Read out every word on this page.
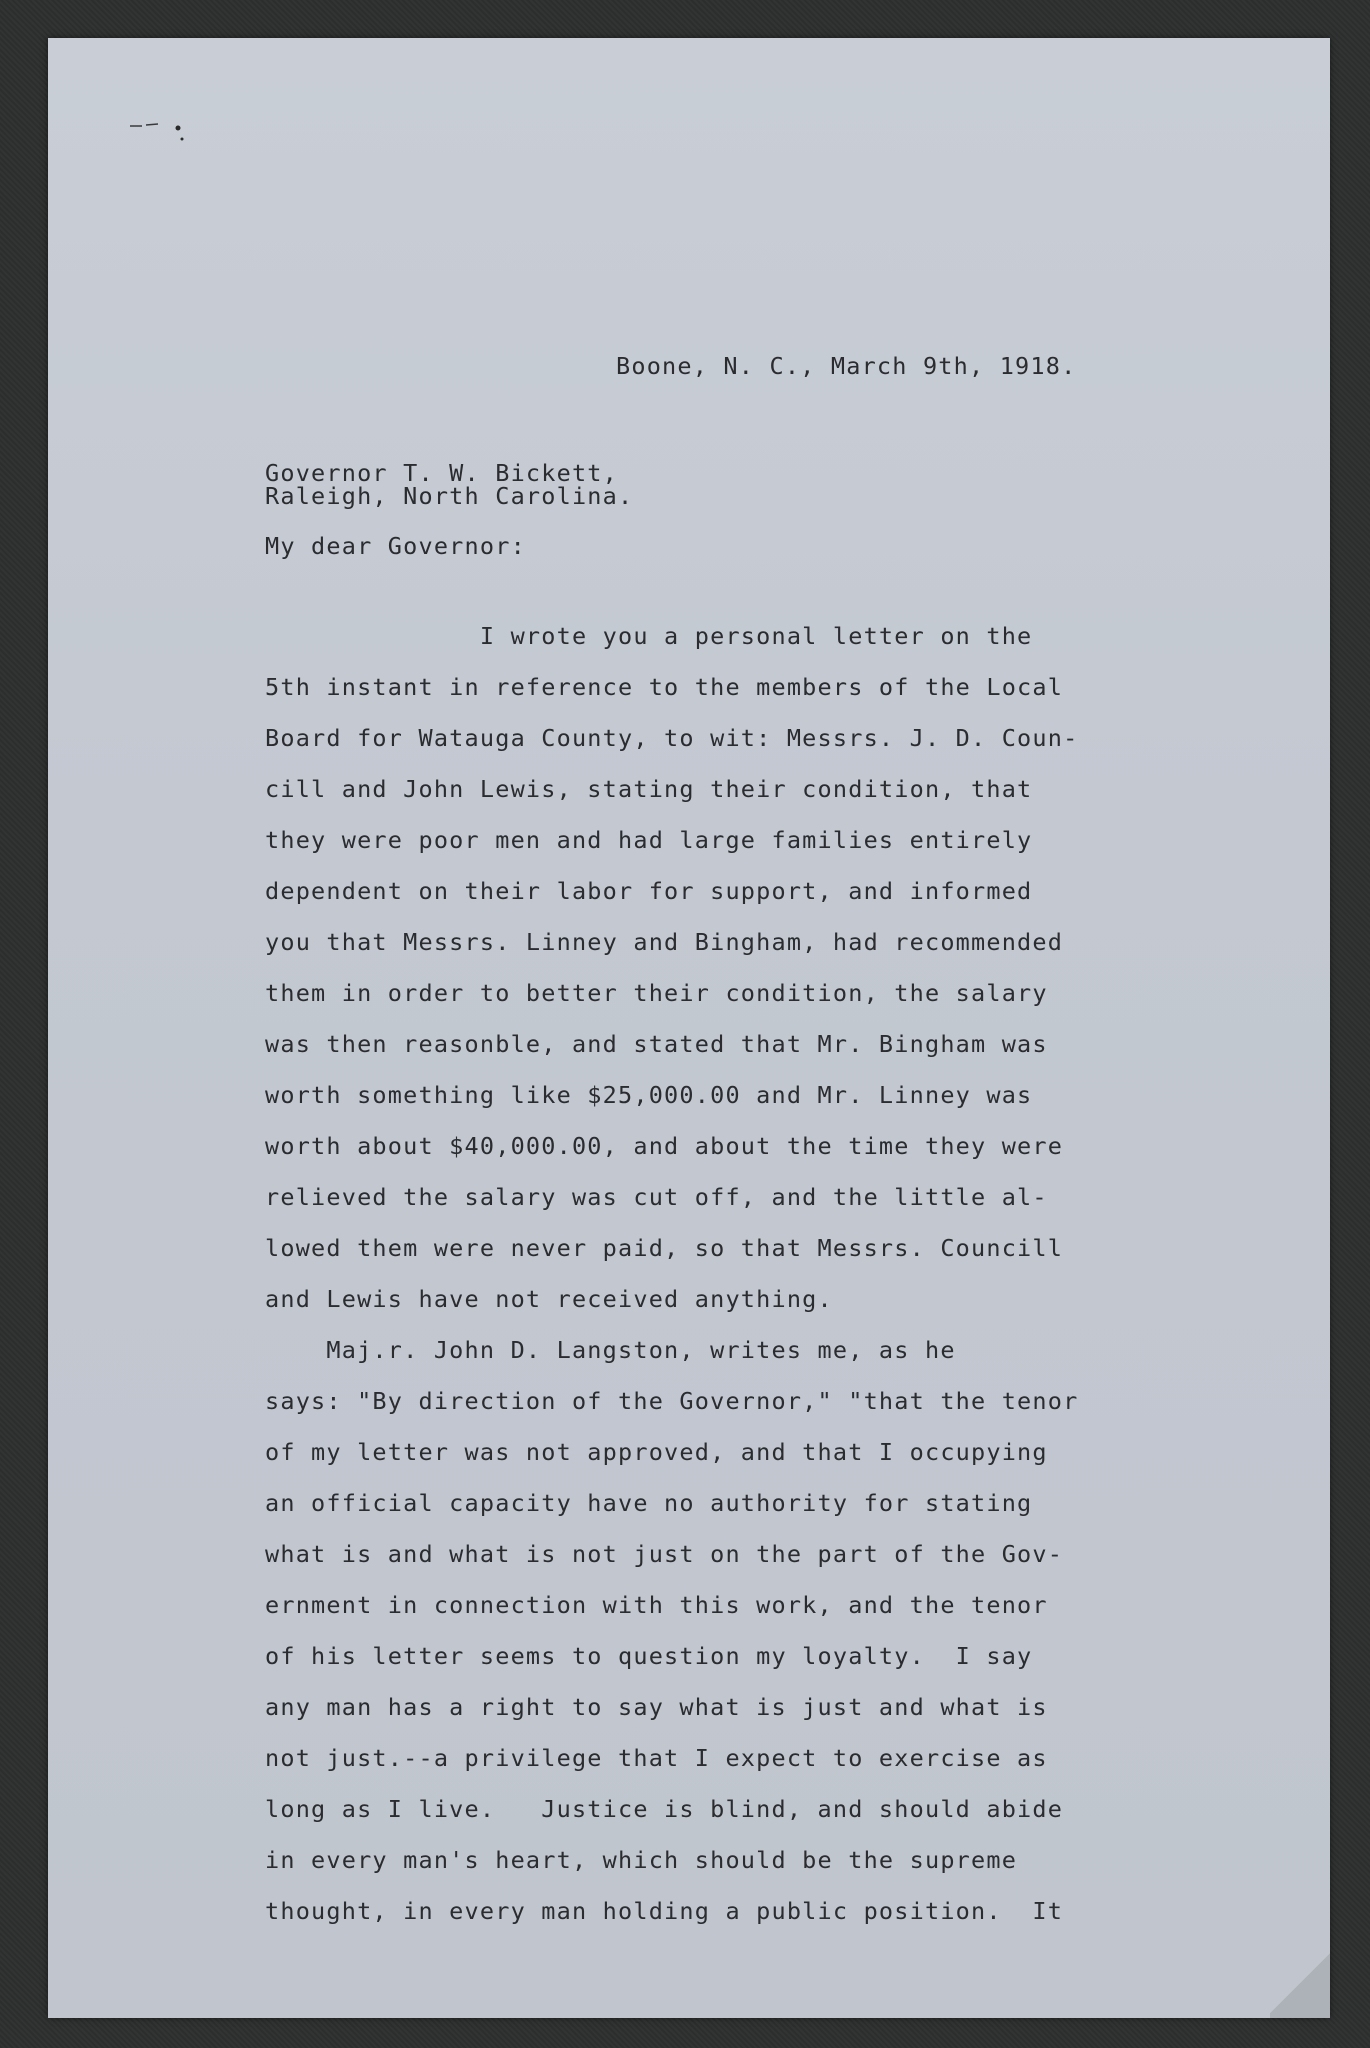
Boone, N. C., March 9th, 1918.
Governor T. W. Bickett,
Raleigh, North Carolina.
My dear Governor:
I wrote you a personal letter on the
5th instant in reference to the members of the Local
Board for Watauga County, to wit: Messrs. J. D. Coun-
cill and John Lewis, stating their condition, that
they were poor men and had large families entirely
dependent on their labor for support, and informed
you that Messrs. Linney and Bingham, had recommended
them in order to better their condition, the salary
was then reasonble, and stated that Mr. Bingham was
worth something like $25,000.00 and Mr. Linney was
worth about $40,000.00, and about the time they were
relieved the salary was cut off, and the little al-
lowed them were never paid, so that Messrs. Councill
and Lewis have not received anything.
Maj.r. John D. Langston, writes me, as he
says: "By direction of the Governor," "that the tenor
of my letter was not approved, and that I occupying
an official capacity have no authority for stating
what is and what is not just on the part of the Gov-
ernment in connection with this work, and the tenor
of his letter seems to question my loyalty.  I say
any man has a right to say what is just and what is
not just.--a privilege that I expect to exercise as
long as I live.   Justice is blind, and should abide
in every man's heart, which should be the supreme
thought, in every man holding a public position.  It
